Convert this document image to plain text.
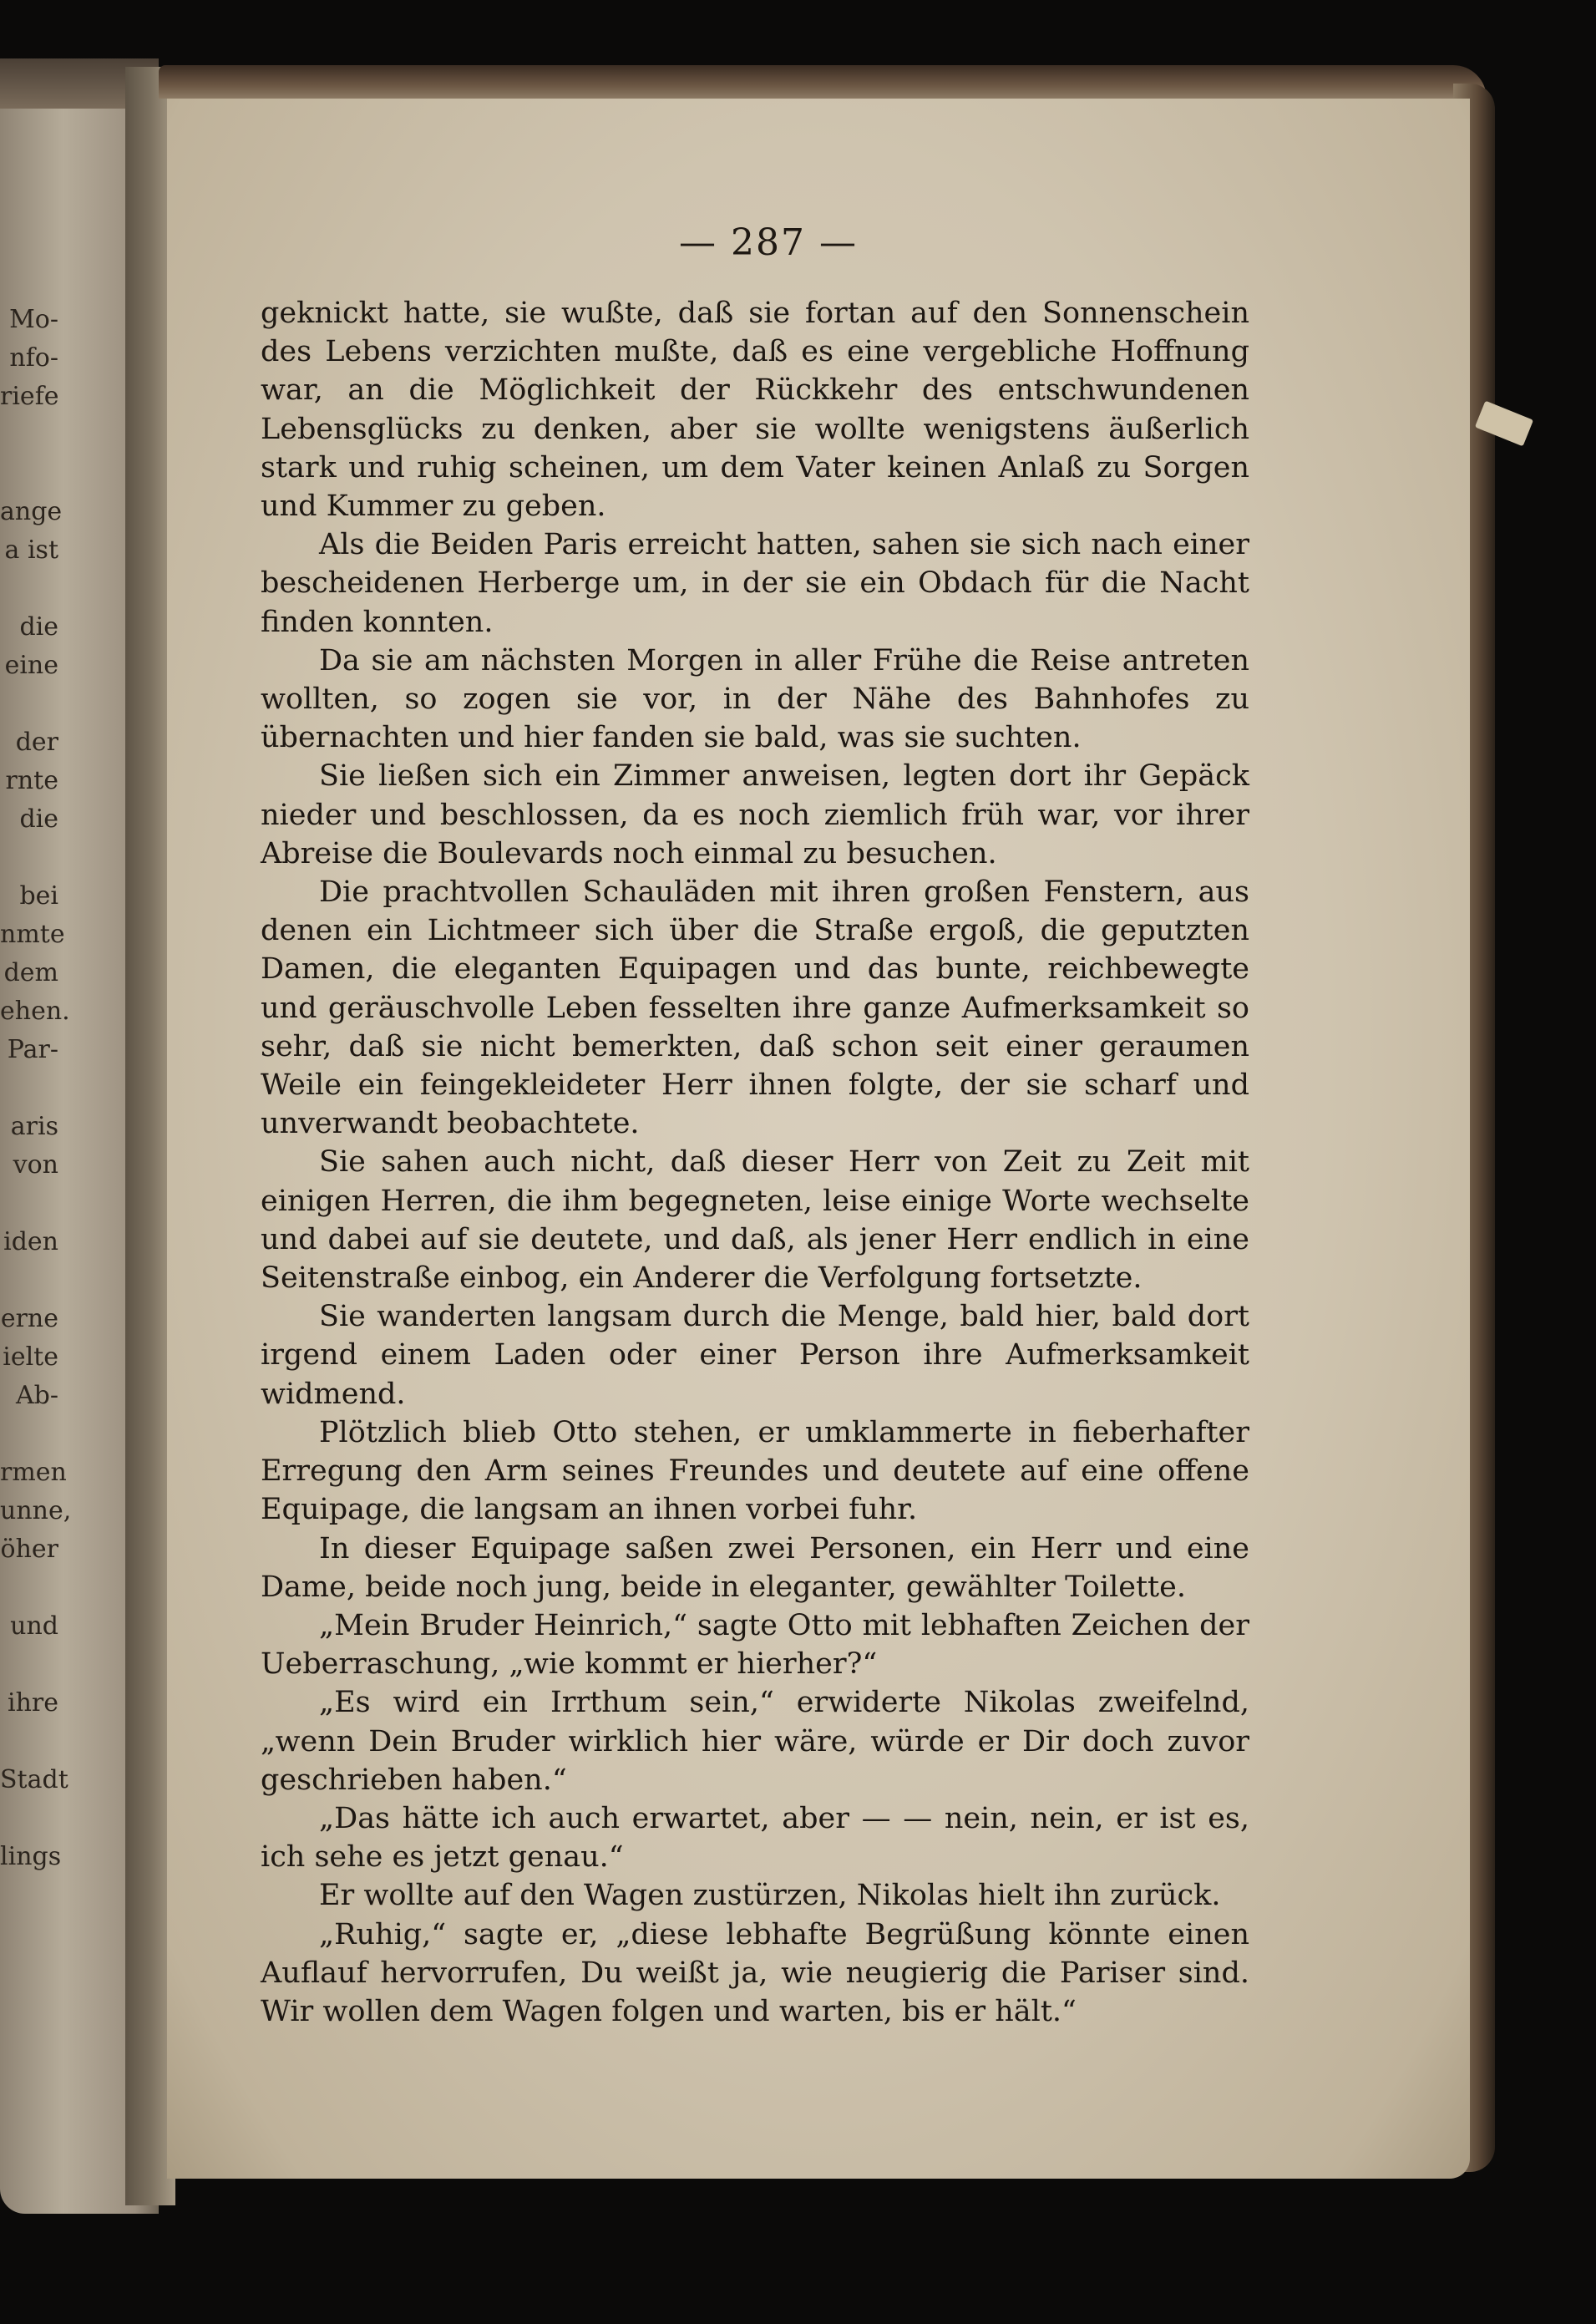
Mo-
nfo-
riefe
ange
a ist
die
eine
der
rnte
die
bei
nmte
dem
ehen.
Par-
aris
von
iden
erne
ielte
Ab-
rmen
unne,
öher
und
ihre
Stadt
lings
— 287 —

geknickt hatte, sie wußte, daß sie fortan auf den Sonnenschein des Lebens verzichten mußte, daß es eine vergebliche Hoffnung war, an die Möglichkeit der Rückkehr des entschwundenen Lebensglücks zu denken, aber sie wollte wenigstens äußerlich stark und ruhig scheinen, um dem Vater keinen Anlaß zu Sorgen und Kummer zu geben.

Als die Beiden Paris erreicht hatten, sahen sie sich nach einer bescheidenen Herberge um, in der sie ein Obdach für die Nacht finden konnten.

Da sie am nächsten Morgen in aller Frühe die Reise antreten wollten, so zogen sie vor, in der Nähe des Bahnhofes zu übernachten und hier fanden sie bald, was sie suchten.

Sie ließen sich ein Zimmer anweisen, legten dort ihr Gepäck nieder und beschlossen, da es noch ziemlich früh war, vor ihrer Abreise die Boulevards noch einmal zu besuchen.

Die prachtvollen Schauläden mit ihren großen Fenstern, aus denen ein Lichtmeer sich über die Straße ergoß, die geputzten Damen, die eleganten Equipagen und das bunte, reichbewegte und geräuschvolle Leben fesselten ihre ganze Aufmerksamkeit so sehr, daß sie nicht bemerkten, daß schon seit einer geraumen Weile ein feingekleideter Herr ihnen folgte, der sie scharf und unverwandt beobachtete.

Sie sahen auch nicht, daß dieser Herr von Zeit zu Zeit mit einigen Herren, die ihm begegneten, leise einige Worte wechselte und dabei auf sie deutete, und daß, als jener Herr endlich in eine Seitenstraße einbog, ein Anderer die Verfolgung fortsetzte.

Sie wanderten langsam durch die Menge, bald hier, bald dort irgend einem Laden oder einer Person ihre Aufmerksamkeit widmend.

Plötzlich blieb Otto stehen, er umklammerte in fieberhafter Erregung den Arm seines Freundes und deutete auf eine offene Equipage, die langsam an ihnen vorbei fuhr.

In dieser Equipage saßen zwei Personen, ein Herr und eine Dame, beide noch jung, beide in eleganter, gewählter Toilette.

„Mein Bruder Heinrich,“ sagte Otto mit lebhaften Zeichen der Ueberraschung, „wie kommt er hierher?“

„Es wird ein Irrthum sein,“ erwiderte Nikolas zweifelnd, „wenn Dein Bruder wirklich hier wäre, würde er Dir doch zuvor geschrieben haben.“

„Das hätte ich auch erwartet, aber — — nein, nein, er ist es, ich sehe es jetzt genau.“

Er wollte auf den Wagen zustürzen, Nikolas hielt ihn zurück.

„Ruhig,“ sagte er, „diese lebhafte Begrüßung könnte einen Auflauf hervorrufen, Du weißt ja, wie neugierig die Pariser sind. Wir wollen dem Wagen folgen und warten, bis er hält.“
